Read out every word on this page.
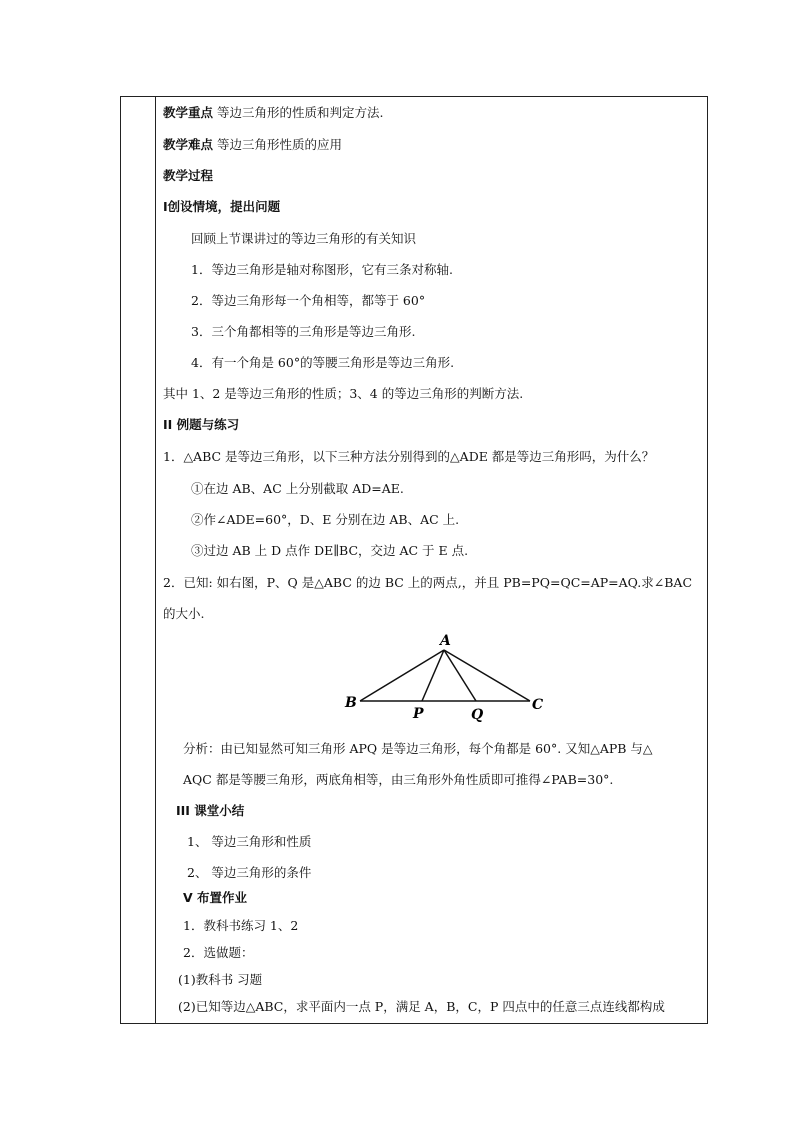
教学重点 等边三角形的性质和判定方法.
教学难点 等边三角形性质的应用
教学过程
I创设情境，提出问题
回顾上节课讲过的等边三角形的有关知识
1．等边三角形是轴对称图形，它有三条对称轴.
2．等边三角形每一个角相等，都等于 60°
3．三个角都相等的三角形是等边三角形.
4．有一个角是 60°的等腰三角形是等边三角形.
其中 1、2 是等边三角形的性质；3、4 的等边三角形的判断方法.
II 例题与练习
1．△ABC 是等边三角形，以下三种方法分别得到的△ADE 都是等边三角形吗，为什么？
①在边 AB、AC 上分别截取 AD=AE.
②作∠ADE=60°，D、E 分别在边 AB、AC 上.
③过边 AB 上 D 点作 DE∥BC，交边 AC 于 E 点.
2．已知: 如右图，P、Q 是△ABC 的边 BC 上的两点,，并且 PB=PQ=QC=AP=AQ.求∠BAC
的大小.
A
B
P	Q
C
分析：由已知显然可知三角形 APQ 是等边三角形，每个角都是 60°. 又知△APB 与△
AQC 都是等腰三角形，两底角相等，由三角形外角性质即可推得∠PAB=30°.
III 课堂小结
1、 等边三角形和性质
2、 等边三角形的条件
V 布置作业
1．教科书练习 1、2
2．选做题：
(1)教科书 习题
(2)已知等边△ABC，求平面内一点 P，满足 A，B，C，P 四点中的任意三点连线都构成
